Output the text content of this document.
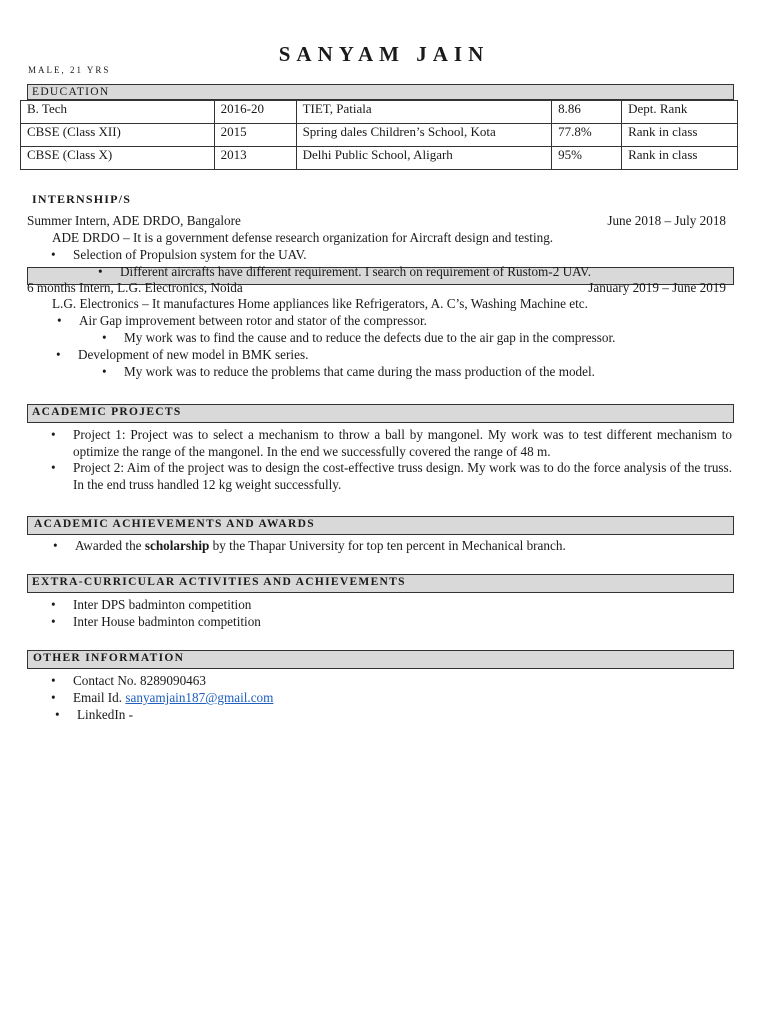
SANYAM JAIN
MALE, 21 YRS
EDUCATION
B. Tech	2016-20	TIET, Patiala	8.86	Dept. Rank
CBSE (Class XII)	2015	Spring dales Children’s School, Kota	77.8%	Rank in class
CBSE (Class X)	2013	Delhi Public School, Aligarh	95%	Rank in class
INTERNSHIP/S
Summer Intern, ADE DRDO, Bangalore	June 2018 – July 2018
ADE DRDO – It is a government defense research organization for Aircraft design and testing.
• Selection of Propulsion system for the UAV.
• Different aircrafts have different requirement. I search on requirement of Rustom-2 UAV.
6 months Intern, L.G. Electronics, Noida	January 2019 – June 2019
L.G. Electronics – It manufactures Home appliances like Refrigerators, A. C’s, Washing Machine etc.
• Air Gap improvement between rotor and stator of the compressor.
• My work was to find the cause and to reduce the defects due to the air gap in the compressor.
• Development of new model in BMK series.
• My work was to reduce the problems that came during the mass production of the model.
ACADEMIC PROJECTS
• Project 1: Project was to select a mechanism to throw a ball by mangonel. My work was to test different mechanism to optimize the range of the mangonel. In the end we successfully covered the range of 48 m.
• Project 2: Aim of the project was to design the cost-effective truss design. My work was to do the force analysis of the truss. In the end truss handled 12 kg weight successfully.
ACADEMIC ACHIEVEMENTS AND AWARDS
• Awarded the scholarship by the Thapar University for top ten percent in Mechanical branch.
EXTRA-CURRICULAR ACTIVITIES AND ACHIEVEMENTS
• Inter DPS badminton competition
• Inter House badminton competition
OTHER INFORMATION
• Contact No. 8289090463
• Email Id. sanyamjain187@gmail.com
• LinkedIn -
